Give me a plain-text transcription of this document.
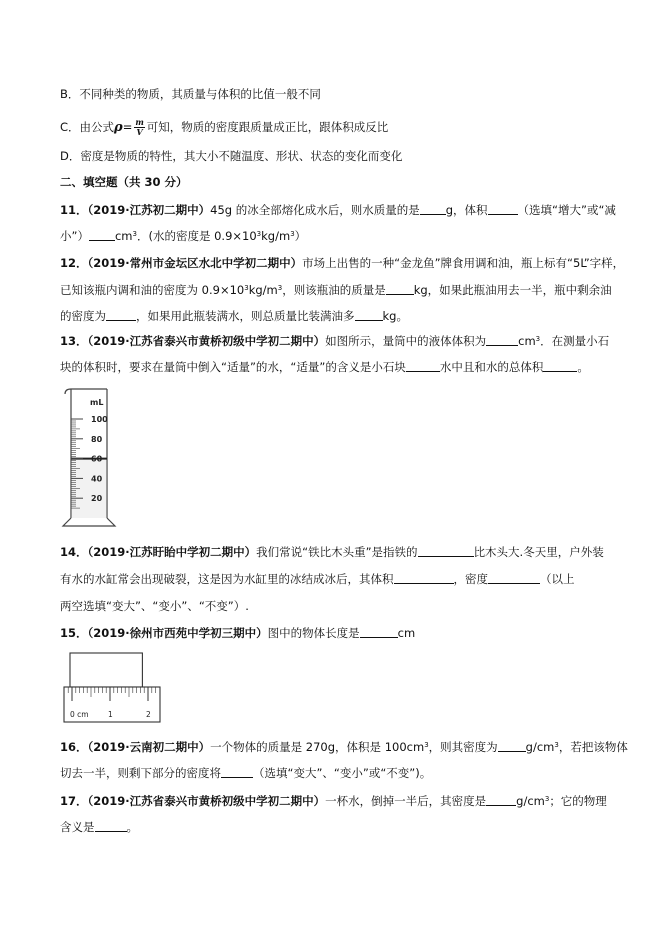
B．不同种类的物质，其质量与体积的比值一般不同
C．由公式$\rho= \frac{m}{V}$ 可知，物质的密度跟质量成正比，跟体积成反比
D．密度是物质的特性，其大小不随温度、形状、状态的变化而变化
二、填空题（共 30 分）
11．（2019·江苏初二期中）45g 的冰全部熔化成水后，则水质量的是 g，体积	（选填“增大”或“减
小”） $cm^3$．(水的密度是 $0.9\times 10^3kg/m^3$）
12．（2019·常州市金坛区水北中学初二期中）市场上出售的一种“金龙鱼”牌食用调和油，瓶上标有“5L”字样，
已知该瓶内调和油的密度为 $0.9\times 10^3kg/m^3$，则该瓶油的质量是 kg，如果此瓶油用去一半，瓶中剩余油
的密度为	，如果用此瓶装满水，则总质量比装满油多 kg。
13．（2019·江苏省泰兴市黄桥初级中学初二期中）如图所示，量筒中的液体体积为	$cm^3$．在测量小石
块的体积时，要求在量筒中倒入“适量”的水，“适量”的含义是小石块	水中且和水的总体积	。
100
80
60
40
20
mL
14．（2019·江苏盱眙中学初二期中）我们常说“铁比木头重”是指铁的	比木头大.冬天里，户外装
有水的水缸常会出现破裂，这是因为水缸里的冰结成冰后，其体积	，密度	（以上
两空选填“变大”、“变小”、“不变”）.
15．（2019·徐州市西苑中学初三期中）图中的物体长度是	cm
0 cm	1	2
16．（2019·云南初二期中）一个物体的质量是 270g，体积是 $100cm^3$，则其密度为 $g/cm^3$，若把该物体
切去一半，则剩下部分的密度将	（选填“变大”、“变小”或“不变”)。
17．（2019·江苏省泰兴市黄桥初级中学初二期中）一杯水，倒掉一半后，其密度是	$g/cm^3$；它的物理
含义是	。
